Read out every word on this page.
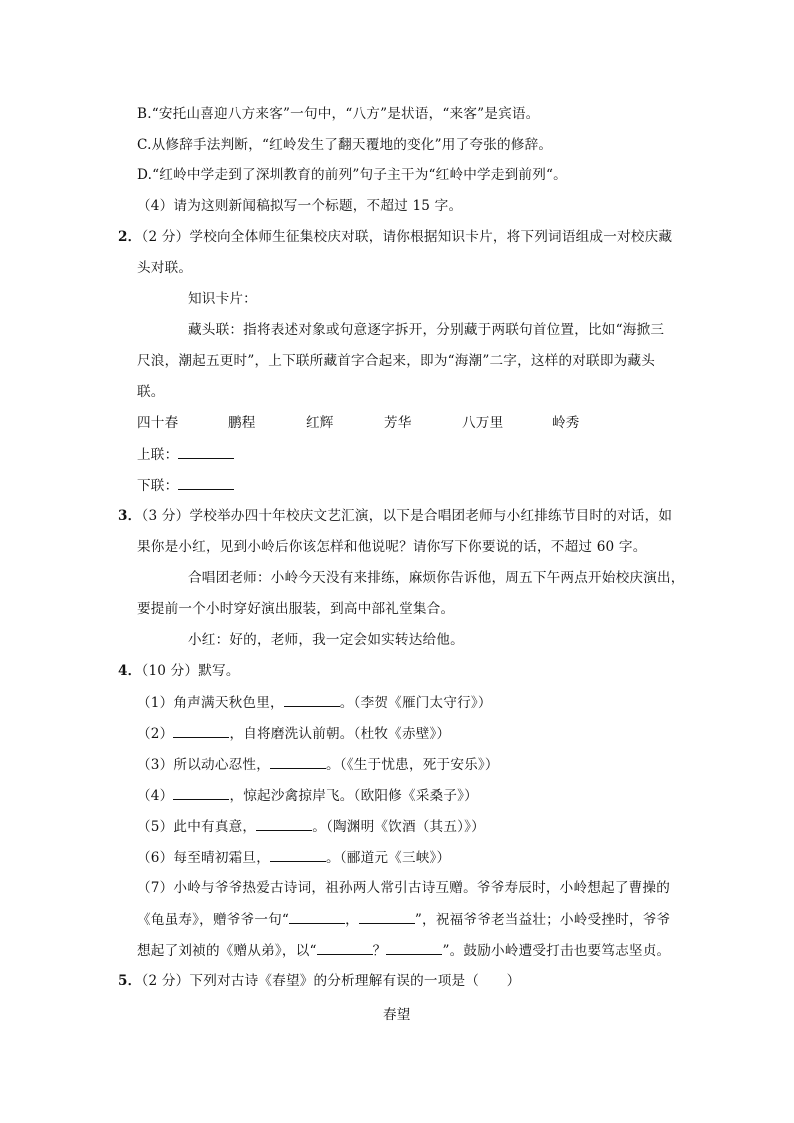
B.“安托山喜迎八方来客”一句中，“八方”是状语，“来客”是宾语。
C.从修辞手法判断，“红岭发生了翻天覆地的变化”用了夸张的修辞。
D.“红岭中学走到了深圳教育的前列”句子主干为“红岭中学走到前列“。
（4）请为这则新闻稿拟写一个标题，不超过 15 字。
2．（2 分）学校向全体师生征集校庆对联，请你根据知识卡片，将下列词语组成一对校庆藏
头对联。
知识卡片：
藏头联：指将表述对象或句意逐字拆开，分别藏于两联句首位置，比如“海掀三
尺浪，潮起五更时”，上下联所藏首字合起来，即为“海潮”二字，这样的对联即为藏头
联。
四十春	鹏程	红辉	芳华	八万里	岭秀
上联：
下联：
3．（3 分）学校举办四十年校庆文艺汇演，以下是合唱团老师与小红排练节目时的对话，如
果你是小红，见到小岭后你该怎样和他说呢？请你写下你要说的话，不超过 60 字。
合唱团老师：小岭今天没有来排练，麻烦你告诉他，周五下午两点开始校庆演出，
要提前一个小时穿好演出服装，到高中部礼堂集合。
小红：好的，老师，我一定会如实转达给他。
4．（10 分）默写。
（1）角声满天秋色里，	。（李贺《雁门太守行》）
（2）	，自将磨洗认前朝。（杜牧《赤壁》）
（3）所以动心忍性，	。（《生于忧患，死于安乐》）
（4）	，惊起沙禽掠岸飞。（欧阳修《采桑子》）
（5）此中有真意，	。（陶渊明《饮酒（其五）》）
（6）每至晴初霜旦，	。（郦道元《三峡》）
（7）小岭与爷爷热爱古诗词，祖孙两人常引古诗互赠。爷爷寿辰时，小岭想起了曹操的
《龟虽寿》，赠爷爷一句“	，	”，祝福爷爷老当益壮；小岭受挫时，爷爷
想起了刘祯的《赠从弟》，以“	？	”。鼓励小岭遭受打击也要笃志坚贞。
5．（2 分）下列对古诗《春望》的分析理解有误的一项是（　　）
春望
